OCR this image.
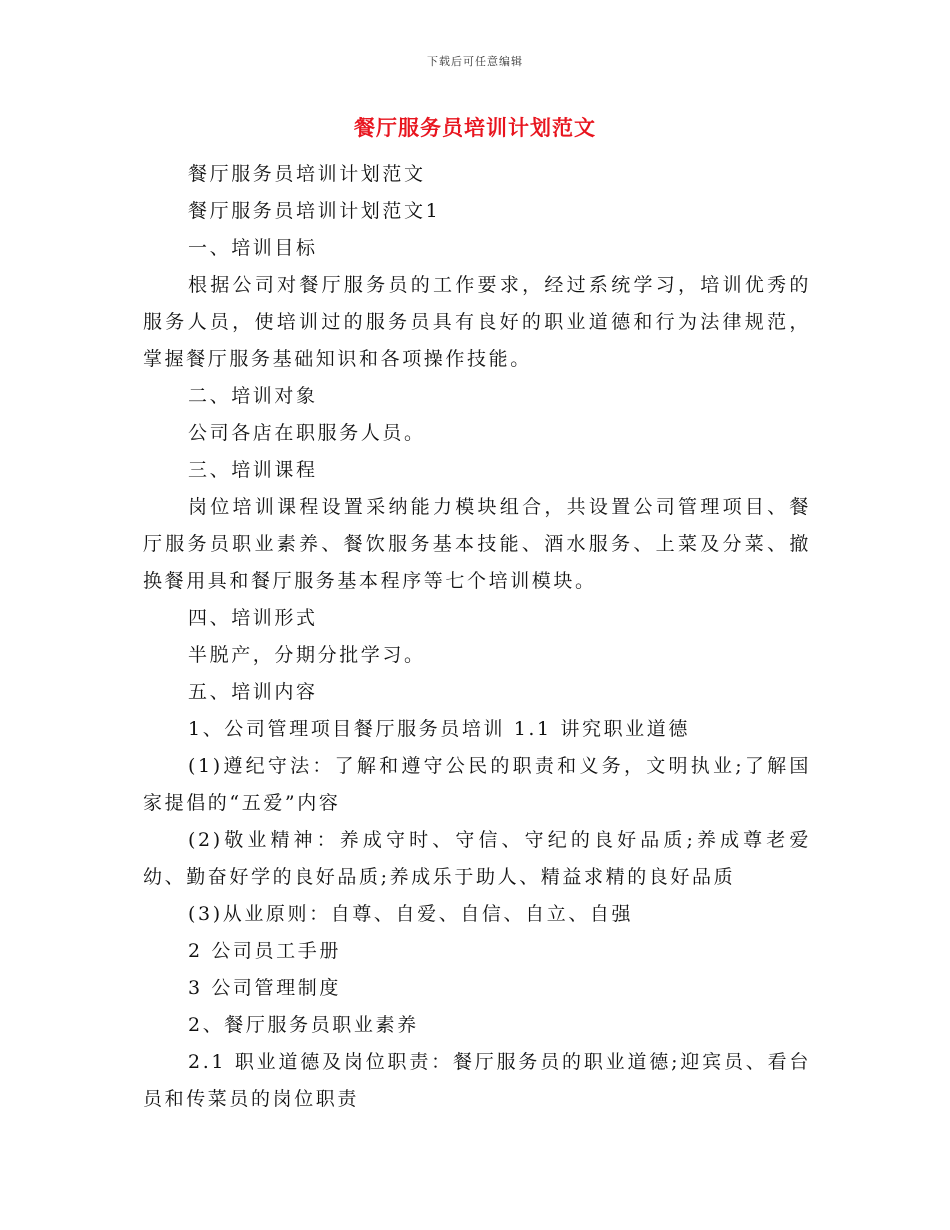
下载后可任意编辑
餐厅服务员培训计划范文

餐厅服务员培训计划范文

餐厅服务员培训计划范文1

一、培训目标

根据公司对餐厅服务员的工作要求，经过系统学习，培训优秀的服务人员，使培训过的服务员具有良好的职业道德和行为法律规范，掌握餐厅服务基础知识和各项操作技能。

二、培训对象

公司各店在职服务人员。

三、培训课程

岗位培训课程设置采纳能力模块组合，共设置公司管理项目、餐厅服务员职业素养、餐饮服务基本技能、酒水服务、上菜及分菜、撤换餐用具和餐厅服务基本程序等七个培训模块。

四、培训形式

半脱产，分期分批学习。

五、培训内容

1、公司管理项目餐厅服务员培训 1.1 讲究职业道德

(1)遵纪守法：了解和遵守公民的职责和义务，文明执业;了解国家提倡的“五爱”内容

(2)敬业精神：养成守时、守信、守纪的良好品质;养成尊老爱幼、勤奋好学的良好品质;养成乐于助人、精益求精的良好品质

(3)从业原则：自尊、自爱、自信、自立、自强

2 公司员工手册

3 公司管理制度

2、餐厅服务员职业素养

2.1 职业道德及岗位职责：餐厅服务员的职业道德;迎宾员、看台员和传菜员的岗位职责
